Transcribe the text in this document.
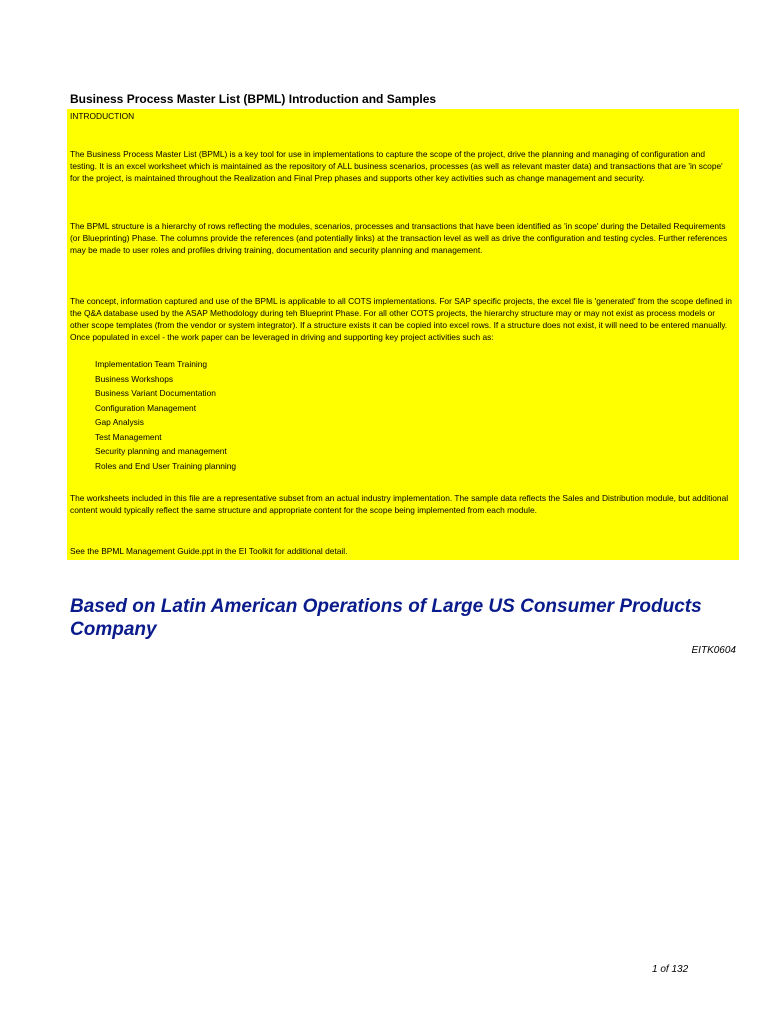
Business Process Master List (BPML) Introduction and Samples

INTRODUCTION

The Business Process Master List (BPML) is a key tool for use in implementations to capture the scope of the project, drive the planning and managing of configuration and testing. It is an excel worksheet which is maintained as the repository of ALL business scenarios, processes (as well as relevant master data) and transactions that are 'in scope' for the project, is maintained throughout the Realization and Final Prep phases and supports other key activities such as change management and security.

The BPML structure is a hierarchy of rows reflecting the modules, scenarios, processes and transactions that have been identified as 'in scope' during the Detailed Requirements (or Blueprinting) Phase. The columns provide the references (and potentially links) at the transaction level as well as drive the configuration and testing cycles. Further references may be made to user roles and profiles driving training, documentation and security planning and management.

The concept, information captured and use of the BPML is applicable to all COTS implementations. For SAP specific projects, the excel file is 'generated' from the scope defined in the Q&A database used by the ASAP Methodology during teh Blueprint Phase. For all other COTS projects, the hierarchy structure may or may not exist as process models or other scope templates (from the vendor or system integrator). If a structure exists it can be copied into excel rows. If a structure does not exist, it will need to be entered manually. Once populated in excel - the work paper can be leveraged in driving and supporting key project activities such as:

Implementation Team Training
Business Workshops
Business Variant Documentation
Configuration Management
Gap Analysis
Test Management
Security planning and management
Roles and End User Training planning

The worksheets included in this file are a representative subset from an actual industry implementation. The sample data reflects the Sales and Distribution module, but additional content would typically reflect the same structure and appropriate content for the scope being implemented from each module.

See the BPML Management Guide.ppt in the EI Toolkit for additional detail.

Based on Latin American Operations of Large US Consumer Products Company
EITK0604
1 of 132
